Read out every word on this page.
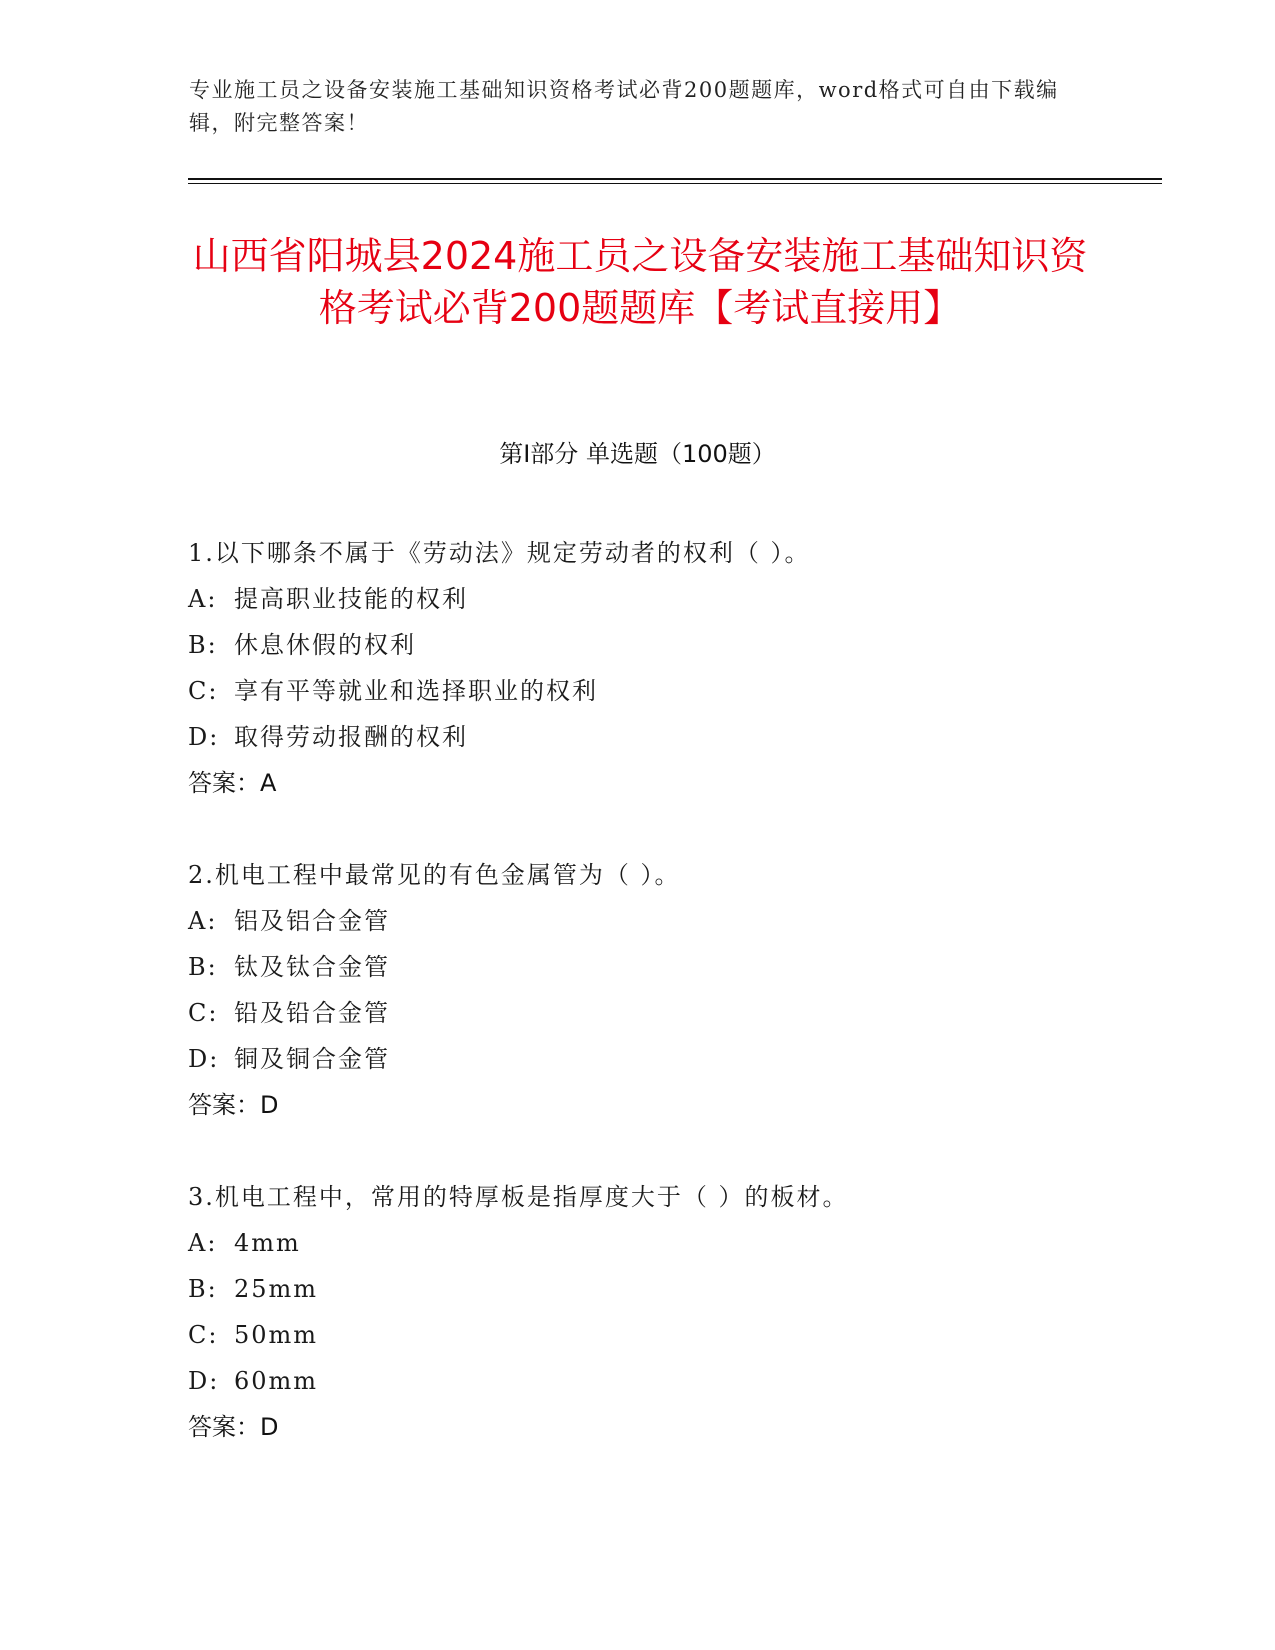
专业施工员之设备安装施工基础知识资格考试必背200题题库，word格式可自由下载编辑，附完整答案！
山西省阳城县2024施工员之设备安装施工基础知识资格考试必背200题题库【考试直接用】
第Ⅰ部分 单选题（100题）
1.以下哪条不属于《劳动法》规定劳动者的权利（ ）。
A: 提高职业技能的权利
B: 休息休假的权利
C: 享有平等就业和选择职业的权利
D: 取得劳动报酬的权利
答案：A
2.机电工程中最常见的有色金属管为（ ）。
A: 铝及铝合金管
B: 钛及钛合金管
C: 铅及铅合金管
D: 铜及铜合金管
答案：D
3.机电工程中，常用的特厚板是指厚度大于（ ）的板材。
A: 4mm
B: 25mm
C: 50mm
D: 60mm
答案：D
